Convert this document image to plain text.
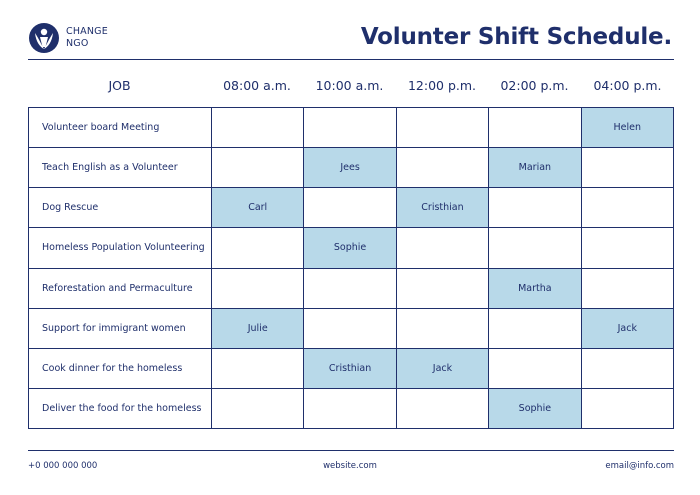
CHANGE
NGO	Volunter Shift Schedule.
JOB	08:00 a.m.	10:00 a.m.	12:00 p.m.	02:00 p.m.	04:00 p.m.
Volunteer board Meeting					Helen
Teach English as a Volunteer		Jees		Marian	
Dog Rescue	Carl		Cristhian		
Homeless Population Volunteering		Sophie			
Reforestation and Permaculture				Martha	
Support for immigrant women	Julie				Jack
Cook dinner for the homeless		Cristhian	Jack		
Deliver the food for the homeless				Sophie	
+0 000 000 000	website.com	email@info.com
